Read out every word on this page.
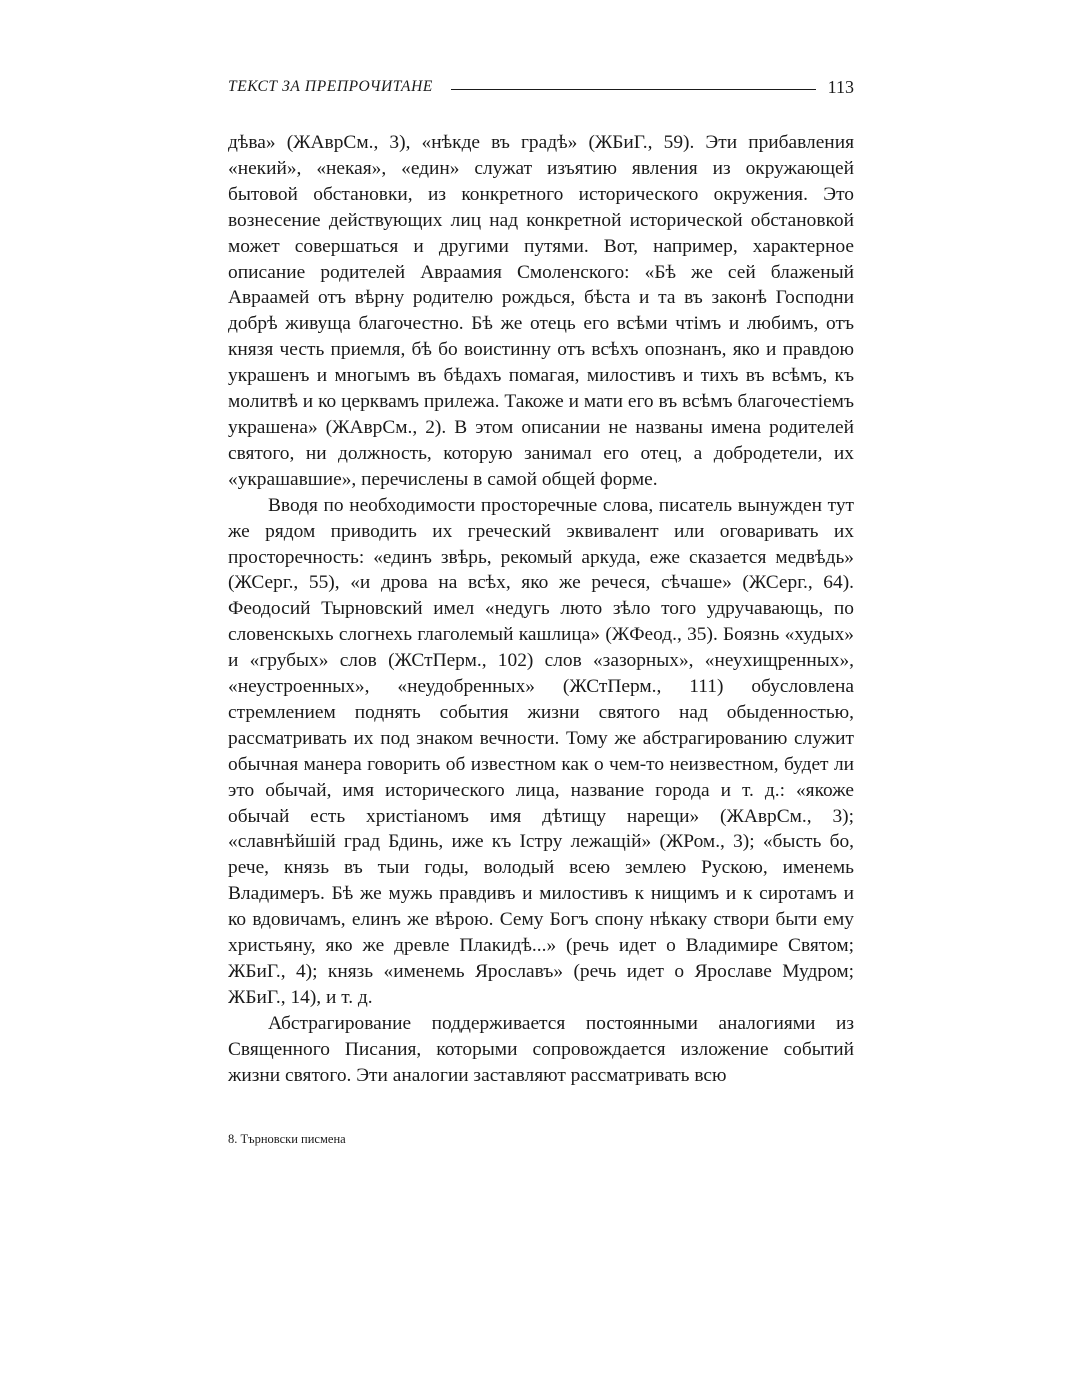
ТЕКСТ ЗА ПРЕПРОЧИТАНЕ	113

дѣва» (ЖАврСм., 3), «нѣкде въ градѣ» (ЖБиГ., 59). Эти прибавления «некий», «некая», «един» служат изъятию явления из окружающей бытовой обстановки, из конкретного исторического окружения. Это вознесение действующих лиц над конкретной исторической обстановкой может совершаться и другими путями. Вот, например, характерное описание родителей Авраамия Смоленского: «Бѣ же сей блаженый Авраамей отъ вѣрну родителю рождься, бѣста и та въ законѣ Господни добрѣ живуща благочестно. Бѣ же отець его всѣми чтімъ и любимъ, отъ князя честь приемля, бѣ бо воистинну отъ всѣхъ опознанъ, яко и правдою украшенъ и многымъ въ бѣдахъ помагая, милостивъ и тихъ въ всѣмъ, къ молитвѣ и ко церквамъ прилежа. Такоже и мати его въ всѣмъ благочестіемъ украшена» (ЖАврСм., 2). В этом описании не названы имена родителей святого, ни должность, которую занимал его отец, а добродетели, их «украшавшие», перечислены в самой общей форме.

Вводя по необходимости просторечные слова, писатель вынужден тут же рядом приводить их греческий эквивалент или оговаривать их просторечность: «единъ звѣрь, рекомый аркуда, еже сказается медвѣдь» (ЖСерг., 55), «и дрова на всѣх, яко же речеся, сѣчаше» (ЖСерг., 64). Феодосий Тырновский имел «недугь люто зѣло того удручавающь, по словенскыхь слогнехь глаголемый кашлица» (ЖФеод., 35). Боязнь «худых» и «грубых» слов (ЖСтПерм., 102) слов «зазорных», «неухищренных», «неустроенных», «неудобренных» (ЖСтПерм., 111) обусловлена стремлением поднять события жизни святого над обыденностью, рассматривать их под знаком вечности. Тому же абстрагированию служит обычная манера говорить об известном как о чем-то неизвестном, будет ли это обычай, имя исторического лица, название города и т. д.: «якоже обычай есть христіаномъ имя дѣтищу нарещи» (ЖАврСм., 3); «славнѣйшій град Бдинь, иже къ Істру лежащій» (ЖРом., 3); «бысть бо, рече, князь въ тыи годы, володый всею землею Рускою, именемь Владимеръ. Бѣ же мужь правдивъ и милостивъ к нищимъ и к сиротамъ и ко вдовичамъ, елинъ же вѣрою. Сему Богъ спону нѣкаку створи быти ему христьяну, яко же древле Плакидѣ...» (речь идет о Владимире Святом; ЖБиГ., 4); князь «именемь Ярославъ» (речь идет о Ярославе Мудром; ЖБиГ., 14), и т. д.

Абстрагирование поддерживается постоянными аналогиями из Священного Писания, которыми сопровождается изложение событий жизни святого. Эти аналогии заставляют рассматривать всю

8. Търновски писмена
